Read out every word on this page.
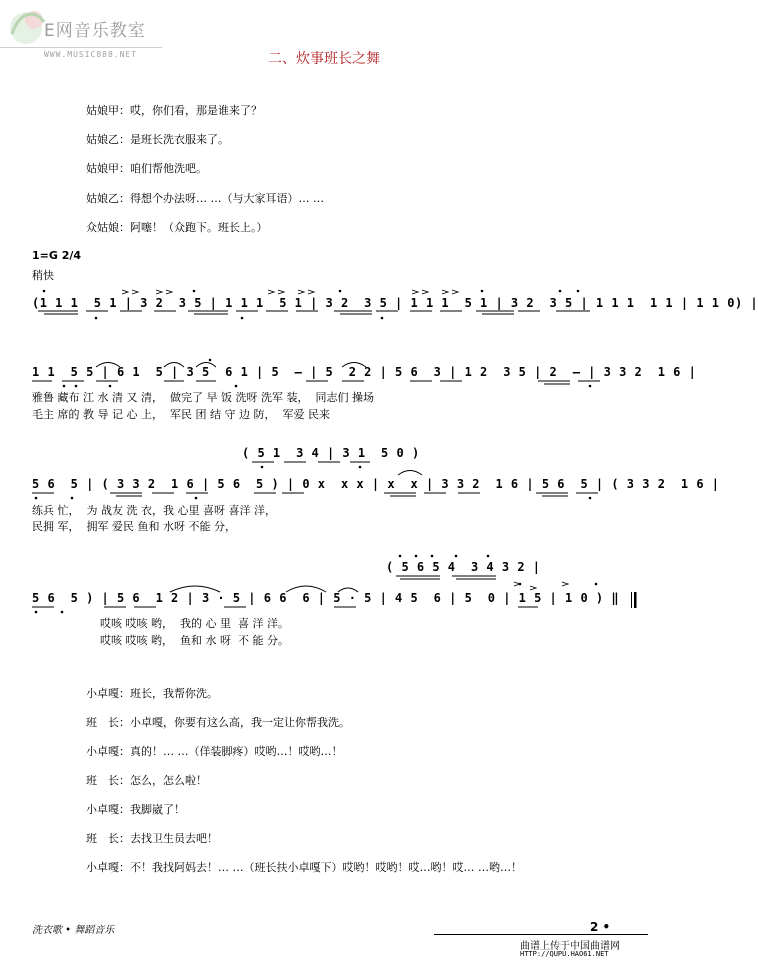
E网音乐教室
WWW.MUSIC888.NET	二、炊事班长之舞
姑娘甲：哎，你们看，那是谁来了？
姑娘乙：是班长洗衣服来了。
姑娘甲：咱们帮他洗吧。
姑娘乙：得想个办法呀… …（与大家耳语）… …
众姑娘：阿噻！（众跑下。班长上。）
1=G 2/4
稍快
(1 1 1  5 1 | 3 2  3 5 | 1 1 1  5 1 | 3 2  3 5 | 1 1 1  5 1 | 3 2  3 5 | 1 1 1  1 1 | 1 1 0) |
1 1  5 5 | 6 1  5 | 3 5  6 1 | 5  – | 5  2 2 | 5 6  3 | 1 2  3 5 | 2  – | 3 3 2  1 6 |
雅鲁 藏布 江 水 清 又 清，  做完了 早 饭 洗呀 洗军 装，  同志们 操场
毛主 席的 教 导 记 心 上，  军民 团 结 守 边 防，  军爱 民来
( 5 1  3 4 | 3 1  5 0 )
5 6  5 | ( 3 3 2  1 6 | 5 6  5 ) | 0 x  x x | x  x | 3 3 2  1 6 | 5 6  5 | ( 3 3 2  1 6 |
练兵 忙，  为 战友 洗 衣，我 心里 喜呀 喜洋 洋，
民拥 军，  拥军 爱民 鱼和 水呀 不能 分，
( 5 6 5 4  3 4 3 2 |
5 6  5 ) | 5 6  1 2 | 3 · 5 | 6 6  6 | 5 · 5 | 4 5  6 | 5  0 | 1 5 | 1 0 ) ‖
哎咳 哎咳 哟，  我的 心 里  喜 洋 洋。
哎咳 哎咳 哟，  鱼和 水 呀  不 能 分。
小卓嘎：班长，我帮你洗。
班　长：小卓嘎，你要有这么高，我一定让你帮我洗。
小卓嘎：真的！… …（佯装脚疼）哎哟…！哎哟…！
班　长：怎么，怎么啦！
小卓嘎：我脚崴了！
班　长：去找卫生员去吧！
小卓嘎：不！我找阿妈去！… …（班长扶小卓嘎下）哎哟！哎哟！哎…哟！哎… …哟…！
洗衣歌 • 舞蹈音乐	2 •
曲谱上传于中国曲谱网
HTTP://QUPU.HAO61.NET
